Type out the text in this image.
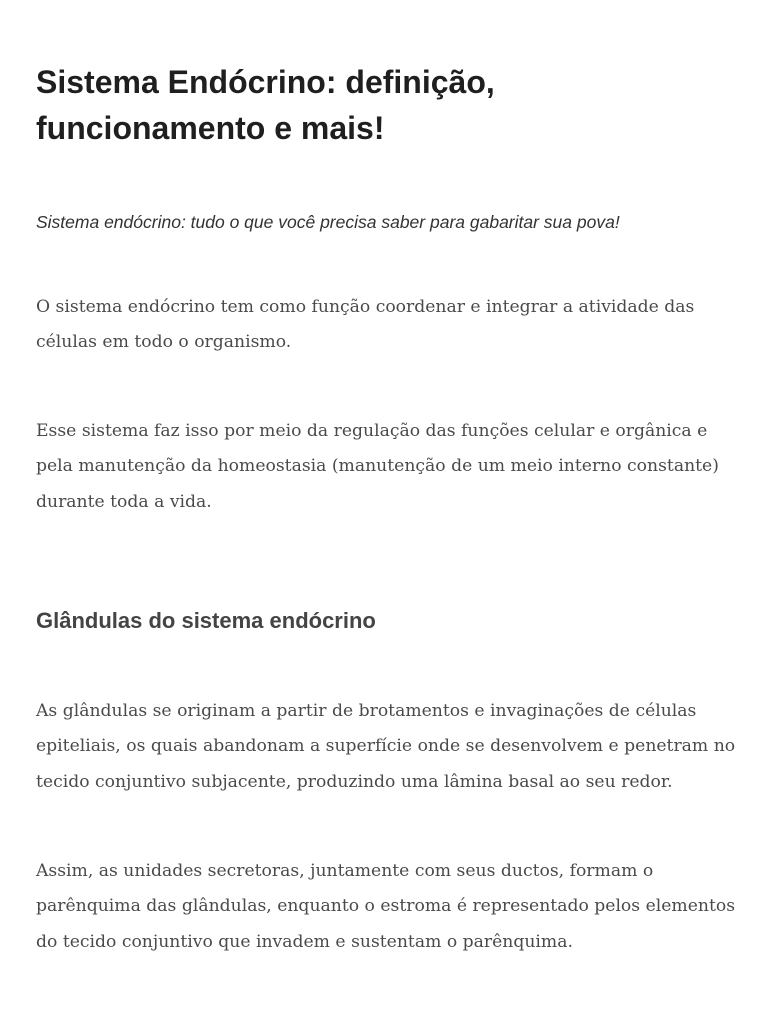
Sistema Endócrino: definição, funcionamento e mais!

Sistema endócrino: tudo o que você precisa saber para gabaritar sua pova!

O sistema endócrino tem como função coordenar e integrar a atividade das células em todo o organismo.

Esse sistema faz isso por meio da regulação das funções celular e orgânica e pela manutenção da homeostasia (manutenção de um meio interno constante) durante toda a vida.

Glândulas do sistema endócrino

As glândulas se originam a partir de brotamentos e invaginações de células epiteliais, os quais abandonam a superfície onde se desenvolvem e penetram no tecido conjuntivo subjacente, produzindo uma lâmina basal ao seu redor.

Assim, as unidades secretoras, juntamente com seus ductos, formam o parênquima das glândulas, enquanto o estroma é representado pelos elementos do tecido conjuntivo que invadem e sustentam o parênquima.
